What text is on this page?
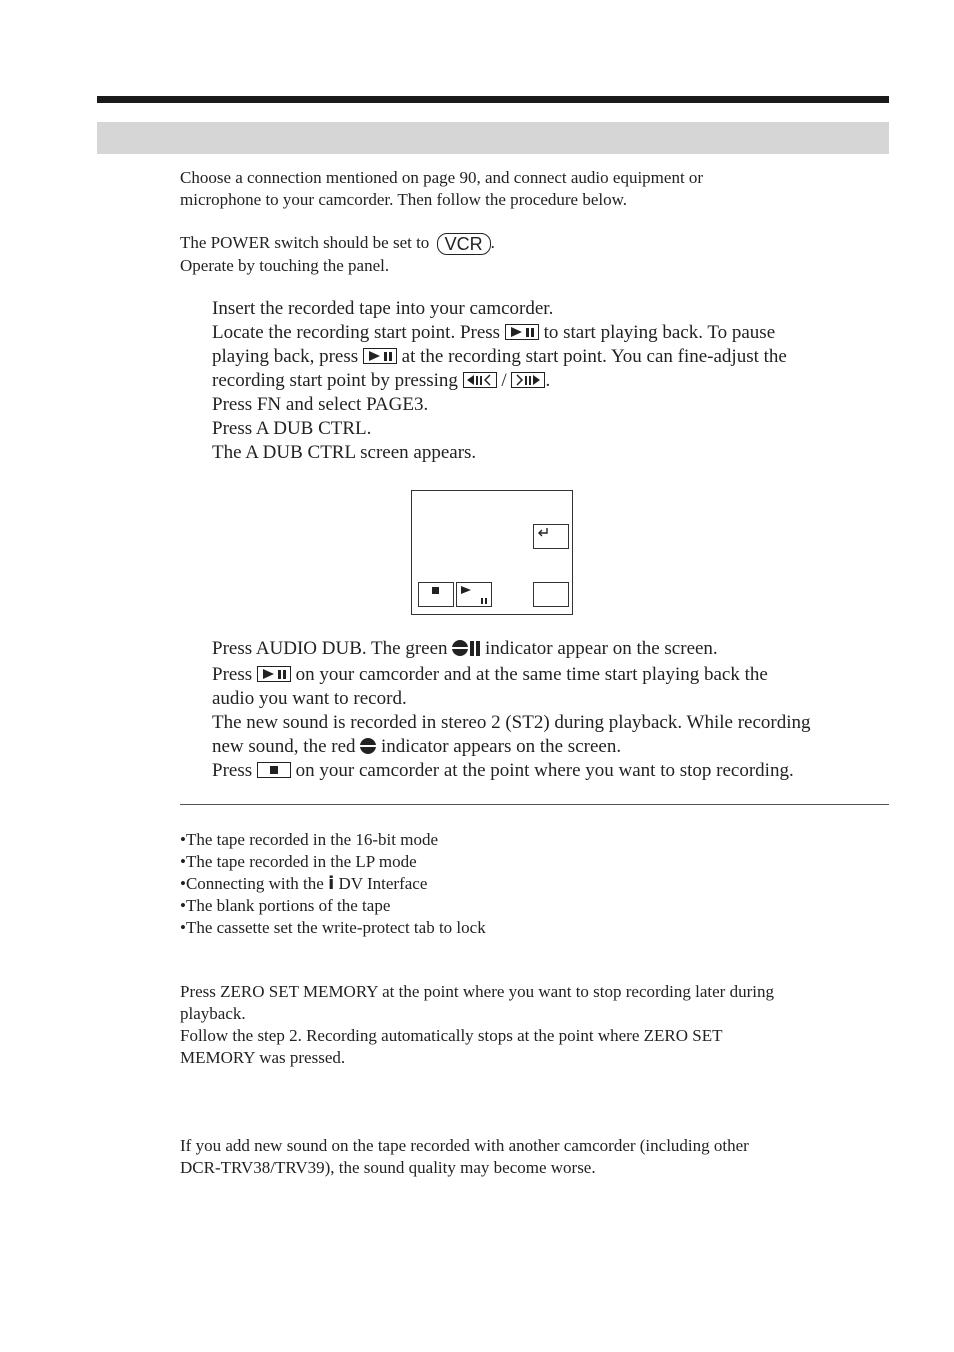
Choose a connection mentioned on page 90, and connect audio equipment or
microphone to your camcorder. Then follow the procedure below.
The POWER switch should be set to VCR .
Operate by touching the panel.
Insert the recorded tape into your camcorder.
Locate the recording start point. Press to start playing back. To pause
playing back, press at the recording start point. You can fine-adjust the
recording start point by pressing / .
Press FN and select PAGE3.
Press A DUB CTRL.
The A DUB CTRL screen appears.
Press AUDIO DUB. The green indicator appear on the screen.
Press on your camcorder and at the same time start playing back the
audio you want to record.
The new sound is recorded in stereo 2 (ST2) during playback. While recording
new sound, the red indicator appears on the screen.
Press on your camcorder at the point where you want to stop recording.
•The tape recorded in the 16-bit mode
•The tape recorded in the LP mode
•Connecting with the i DV Interface
•The blank portions of the tape
•The cassette set the write-protect tab to lock
Press ZERO SET MEMORY at the point where you want to stop recording later during
playback.
Follow the step 2. Recording automatically stops at the point where ZERO SET
MEMORY was pressed.
If you add new sound on the tape recorded with another camcorder (including other
DCR-TRV38/TRV39), the sound quality may become worse.
